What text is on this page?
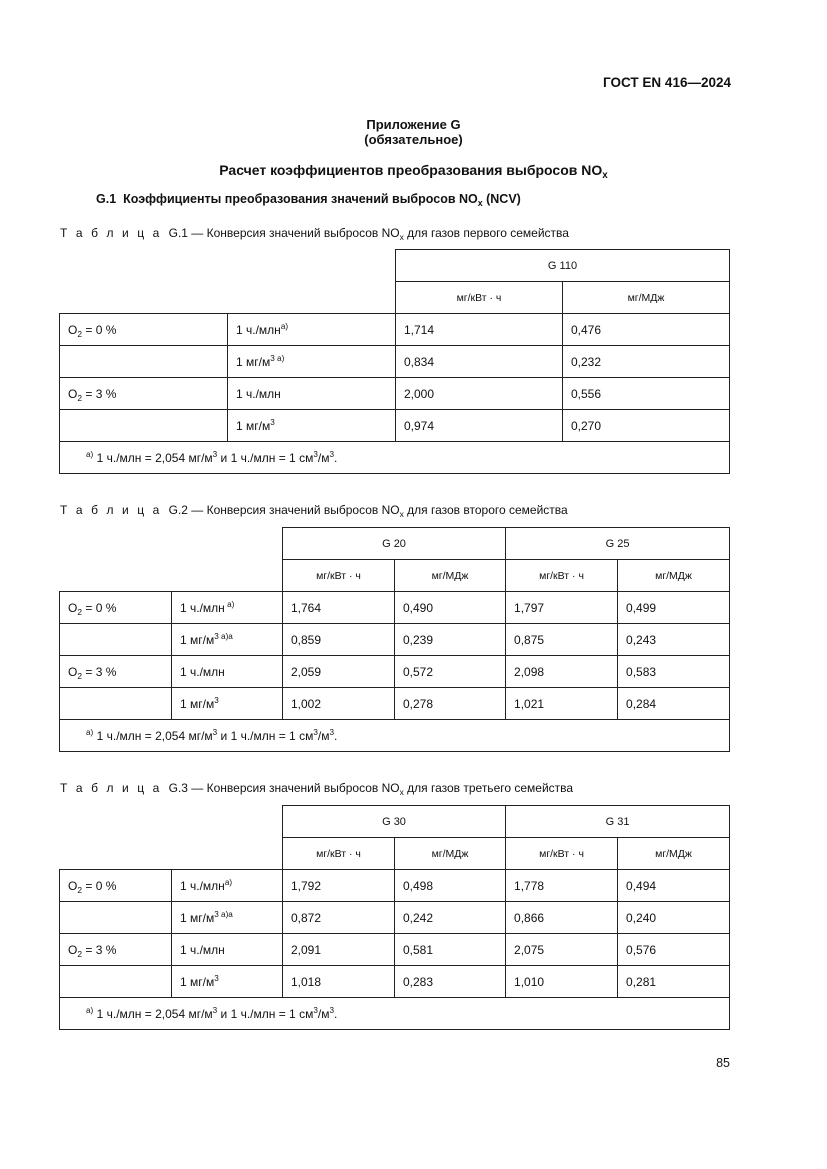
ГОСТ EN 416—2024
Приложение G
(обязательное)
Расчет коэффициентов преобразования выбросов $NO_x$
G.1 Коэффициенты преобразования значений выбросов $NO_x$ (NCV)
Т а б л и ц а G.1 — Конверсия значений выбросов $NO_x$ для газов первого семейства
		G 110	
		мг/кВт · ч	мг/МДж
$O_2 = 0$ %	1 ч./млн$^{a)}$	1,714	0,476
	1 $мг/м^{3 а)}$	0,834	0,232
$O_2 = 3$ %	1 ч./млн	2,000	0,556
	1 $мг/м^3$	0,974	0,270
$^{а)}$ 1 ч./млн = 2,054 $мг/м^3$ и 1 ч./млн = 1 $см^3/м^3$.			
Т а б л и ц а G.2 — Конверсия значений выбросов $NO_x$ для газов второго семейства
		G 20		G 25	
		мг/кВт · ч	мг/МДж	мг/кВт · ч	мг/МДж
$O_2 = 0$ %	1 ч./млн $^{a)}$	1,764	0,490	1,797	0,499
	1 $мг/м^{3 а)а}$	0,859	0,239	0,875	0,243
$O_2 = 3$ %	1 ч./млн	2,059	0,572	2,098	0,583
	1 $мг/м^3$	1,002	0,278	1,021	0,284
$^{а)}$ 1 ч./млн = 2,054 $мг/м^3$ и 1 ч./млн = 1 $см^3/м^3$.					
Т а б л и ц а G.3 — Конверсия значений выбросов $NO_x$ для газов третьего семейства
		G 30		G 31	
		мг/кВт · ч	мг/МДж	мг/кВт · ч	мг/МДж
$O_2 = 0$ %	1 ч./млн$^{a)}$	1,792	0,498	1,778	0,494
	1 $мг/м^{3 а)а}$	0,872	0,242	0,866	0,240
$O_2 = 3$ %	1 ч./млн	2,091	0,581	2,075	0,576
	1 $мг/м^3$	1,018	0,283	1,010	0,281
$^{а)}$ 1 ч./млн = 2,054 $мг/м^3$ и 1 ч./млн = 1 $см^3/м^3$.					
85
